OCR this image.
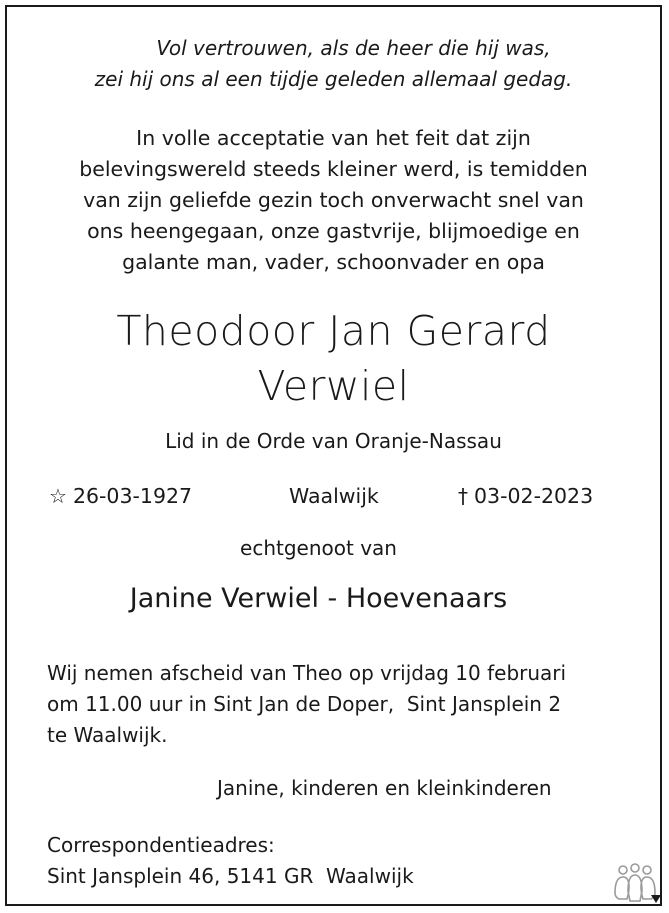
Vol vertrouwen, als de heer die hij was,
zei hij ons al een tijdje geleden allemaal gedag.
In volle acceptatie van het feit dat zijn
belevingswereld steeds kleiner werd, is temidden
van zijn geliefde gezin toch onverwacht snel van
ons heengegaan, onze gastvrije, blijmoedige en
galante man, vader, schoonvader en opa
Theodoor Jan Gerard
Verwiel
Lid in de Orde van Oranje-Nassau
☆ 26-03-1927	Waalwijk	† 03-02-2023
echtgenoot van
Janine Verwiel - Hoevenaars
Wij nemen afscheid van Theo op vrijdag 10 februari
om 11.00 uur in Sint Jan de Doper,  Sint Jansplein 2
te Waalwijk.
Janine, kinderen en kleinkinderen
Correspondentieadres:
Sint Jansplein 46, 5141 GR  Waalwijk
